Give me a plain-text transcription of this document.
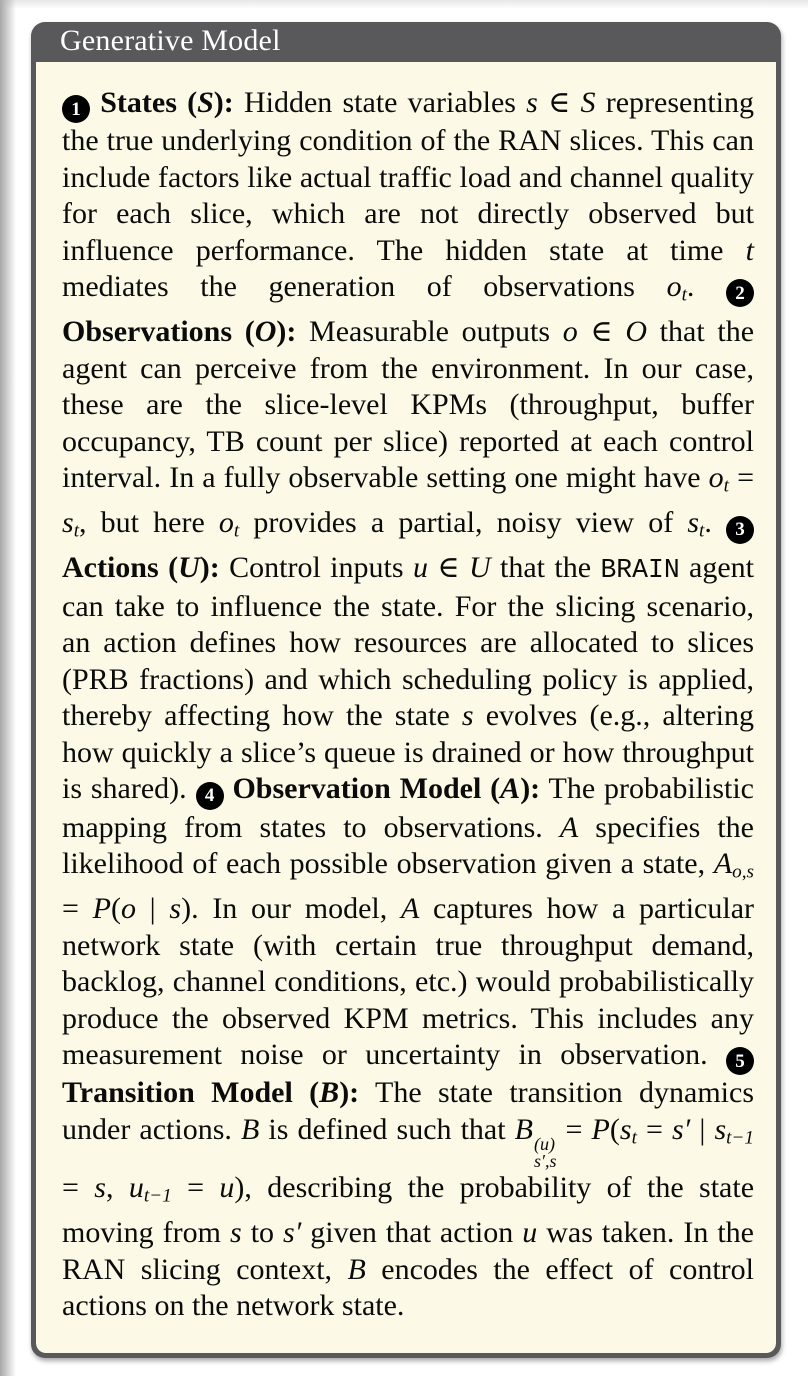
Generative Model

1 States (S): Hidden state variables s ∈ S representing the true underlying condition of the RAN slices. This can include factors like actual traffic load and channel quality for each slice, which are not directly observed but influence performance. The hidden state at time t mediates the generation of observations $o_t$. 2 Observations (O): Measurable outputs o ∈ O that the agent can perceive from the environment. In our case, these are the slice-level KPMs (throughput, buffer occupancy, TB count per slice) reported at each control interval. In a fully observable setting one might have $o_t = s_t$, but here $o_t$ provides a partial, noisy view of $s_t$. 3 Actions (U): Control inputs u ∈ U that the BRAIN agent can take to influence the state. For the slicing scenario, an action defines how resources are allocated to slices (PRB fractions) and which scheduling policy is applied, thereby affecting how the state s evolves (e.g., altering how quickly a slice’s queue is drained or how throughput is shared). 4 Observation Model (A): The probabilistic mapping from states to observations. A specifies the likelihood of each possible observation given a state, $A_{o,s} = P(o$ | s). In our model, A captures how a particular network state (with certain true throughput demand, backlog, channel conditions, etc.) would probabilistically produce the observed KPM metrics. This includes any measurement noise or uncertainty in observation. 5 Transition Model (B): The state transition dynamics under actions. B is defined such that B (u)
s′,s
= $P(s_t = s'$ | $s_{t-1} = s$, $u_{t-1} = u$), describing the probability of the state moving from s to s′ given that action u was taken. In the RAN slicing context, B encodes the effect of control actions on the network state.
